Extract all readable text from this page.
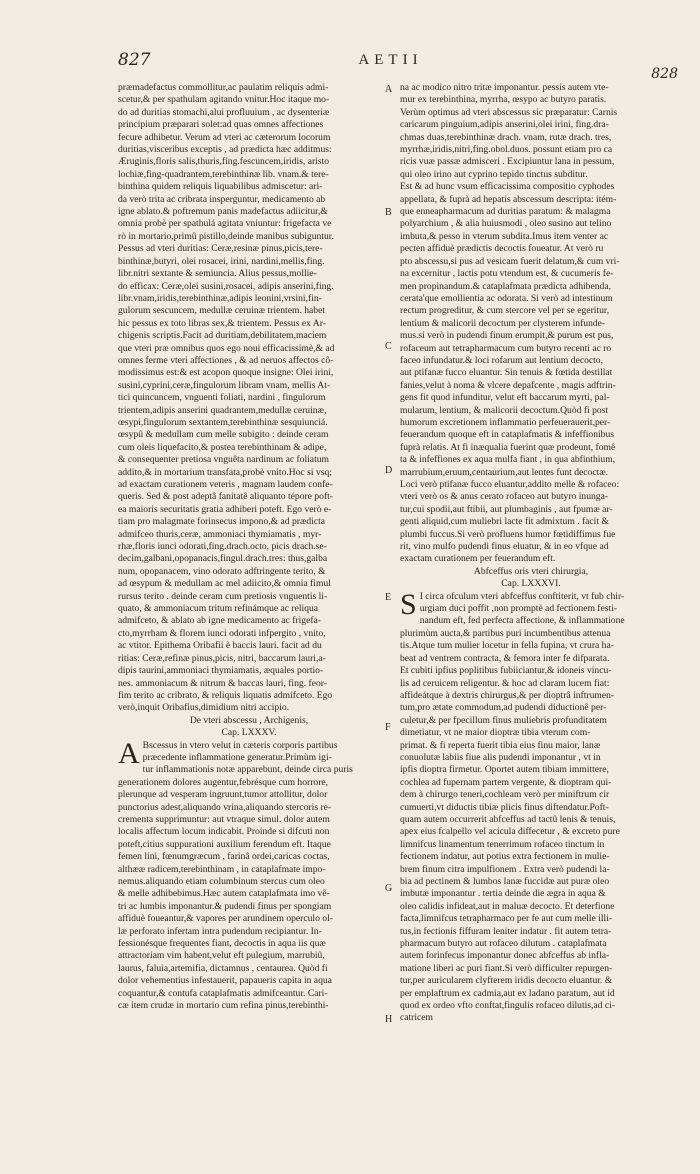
827	AETII
828
præmadefactus commollitur,ac paulatim reliquis admi-
scetur,& per spathulam agitando vnitur.Hoc itaque mo-
do ad duritias stomachi,alui profluuium , ac dysenteriæ
principium præparari solet:ad quas omnes affectiones
fecure adhibetur. Verum ad vteri ac cæterorum locorum
duritias,visceribus exceptis , ad prædicta hæc additmus:
Æruginis,floris salis,thuris,fing.fescuncem,iridis, aristo
lochiæ,fing-quadrantem,terebinthinæ lib. vnam.& tere-
binthina quidem reliquis liquabilibus admiscetur: ari-
da verò trita ac cribrata insperguntur, medicamento ab
igne ablato.& poftremum panis madefactus adiicitur,&
omnia probè per spathulá agitata vniuntur: frigefacta ve
rò in mortario,primû pistillo,deinde manibus subiguntur.
Pessus ad vteri duritias: Ceræ,resinæ pinus,picis,tere-
binthinæ,butyri, olei rosacei, irini, nardini,mellis,fing.
libr.nitri sextante & semiuncia. Alius pessus,mollie-
do efficax: Ceræ,olei susini,rosacei, adipis anserini,fing.
libr.vnam,iridis,terebinthinæ,adipis leonini,vrsini,fin-
gulorum sescuncem, medullæ ceruinæ trientem. habet
hic pessus ex toto libras sex,& trientem. Pessus ex Ar-
chigenis scriptis.Facit ad duritiam,debilitatem,maciem
que vteri præ omnibus quos ego noui efficacissimè,& ad
omnes ferme vteri affectiones , & ad neruos affectos cô-
modissimus est:& est acopon quoque insigne: Olei irini,
susini,cyprini,ceræ,fingulorum libram vnam, mellis At-
tici quincuncem, vnguenti foliati, nardini , fingulorum
trientem,adipis anserini quadrantem,medullæ ceruinæ,
œsypi,fingulorum sextantem,terebinthinæ sesquiunciá.
œsypû & medullam cum melle subigito : deinde ceram
cum oleis liquefacito,& postea terebinthinam & adipe,
& consequenter pretiosa vnguêta nardinum ac foliatum
addito,& in mortarium transfata,probè vnito.Hoc si vsq;
ad exactam curationem veteris , magnam laudem confe-
queris. Sed & post adeptâ fanitatê aliquanto tépore poft-
ea maioris securitatis gratia adhiberi poteft. Ego verò e-
tiam pro malagmate forinsecus impono,& ad prædicta
admifceo thuris,ceræ, ammoniaci thymiamatis , myr-
rhæ,floris iunci odorati,fing.drach.octo, picis drach.se-
decim,galbani,opopanacis,fingul.drach.tres: thus,galba
num, opopanacem, vino odorato adftringente terito, &
ad œsypum & medullam ac mel adiicito,& omnia fimul
rursus terito . deinde ceram cum pretiosis vnguentis li-
quato, & ammoniacum tritum refinámque ac reliqua
admifceto, & ablato ab igne medicamento ac frigefa-
cto,myrrham & florem iunci odorati infpergito , vnito,
ac vtitor. Epithema Oribafii è baccis lauri. facit ad du
ritias: Ceræ,refinæ pinus,picis, nitri, baccarum lauri,a-
dipis taurini,ammoniaci thymiamatis, æquales portio-
nes. ammoniacum & nitrum & baccas lauri, fing. feor-
fim terito ac cribrato, & reliquis liquatis admifceto. Ego
verò,inquit Oribafius,dimidium nitri accipio.
De vteri abscessu , Archigenis,
Cap. LXXXV.
A Bscessus in vtero velut in cæteris corporis partibus
præcedente inflammatione generatur.Primùm igi-
tur inflammationis notæ apparebunt, deinde circa puris
generationem dolores augentur,febrésque cum horrore,
plerunque ad vesperam ingruunt,tumor attollitur, dolor
punctorius adest,aliquando vrina,aliquando stercoris re-
crementa supprimuntur: aut vtraque simul. dolor autem
localis affectum locum indicabit. Proinde si difcuti non
poteft,citius suppurationi auxilium ferendum eft. Itaque
femen lini, fœnumgræcum , farinâ ordei,caricas coctas,
althææ radicem,terebinthinam , in cataplafmate impo-
nemus.aliquando etiam columbinum stercus cum oleo
& melle adhibebimus.Hæc autem cataplafmata imo vê-
tri ac lumbis imponantur.& pudendi finus per spongiam
affiduè foueantur,& vapores per arundinem operculo ol-
læ perforato infertam intra pudendum recipiantur. In-
fessionésque frequentes fiant, decoctis in aqua iis quæ
attractoriam vim habent,velut eft pulegium, marrubiû,
laurus, faluia,artemifia, dictamnus , centaurea. Quòd fi
dolor vehementius infestauerit, papaueris capita in aqua
coquantur,& contufa cataplafmatis admifceantur. Cari-
cæ item crudæ in mortario cum refina pinus,terebinthi-
na ac modico nitro tritæ imponantur. pessis autem vte-
mur ex terebinthina, myrrha, œsypo ac butyro paratis.
Verùm optimus ad vteri abscessus sic præparatur: Carnis
caricarum pinguium,adipis anserini,olei irini, fing.dra-
chmas duas,terebinthinæ drach. vnam, rutæ drach. tres,
myrrhæ,iridis,nitri,fing.obol.duos. possunt etiam pro ca
ricis vuæ passæ admisceri . Excipiuntur lana in pessum,
qui oleo irino aut cyprino tepido tinctus subditur.
Est & ad hunc vsum efficacissima compositio cyphodes
appellata, & fuprà ad hepatis abscessum descripta: itém-
que enneapharmacum ad duritias paratum: & malagma
polyarchium , & alia huiusmodi , oleo susino aut telino
imbuta,& pesso in vterum subdita.Imus item venter ac
pecten affiduè prædictis decoctis foueatur. At verò ru
pto abscessu,si pus ad vesicam fuerit delatum,& cum vri-
na excernitur , lactis potu vtendum est, & cucumeris fe-
men propinandum.& cataplafmata prædicta adhibenda,
cerata'que emollientia ac odorata. Si verò ad intestinum
rectum progreditur, & cum stercore vel per se egeritur,
lentium & malicorii decoctum per clysterem infunde-
mus.si verò in pudendi finum erumpit,& purum est pus,
rofaceum aut tetrapharmacum cum butyro recenti ac ro
faceo infundatur.& loci rofarum aut lentium decocto,
aut ptifanæ fucco eluantur. Sin tenuis & fœtida destillat
fanies,velut à noma & vlcere depafcente , magis adftrin-
gens fit quod infunditur, velut eft baccarum myrti, pal-
mularum, lentium, & malicorii decoctum.Quòd fi post
humorum excretionem inflammatio perfeuerauerit,per-
feuerandum quoque eft in cataplafmatis & infeffionibus
fuprà relatis. At fi inæqualia fuerint quæ prodeunt, fomê
ta & infeffiones ex aqua mulfa fiant , in qua abfinthium,
marrubium,eruum,centaurium,aut lentes funt decoctæ.
Loci verò ptifanæ fucco eluantur,addito melle & rofaceo:
vteri verò os & anus cerato rofaceo aut butyro inunga-
tur,cui spodii,aut ftibii, aut plumbaginis , aut fpumæ ar-
genti aliquid,cum muliebri lacte fit admixtum . facit &
plumbi fuccus.Si verò profluens humor fœtidiffimus fue
rit, vino mulfo pudendi finus eluatur, & in eo vfque ad
exactam curationem per feuerandum eft.
Abfceffus oris vteri chirurgia,
Cap. LXXXVI.
S I circa ofculum vteri abfceffus conftiterit, vt fub chir-
urgiam duci poffit ,non promptè ad fectionem festi-
nandum eft, fed perfecta affectione, & inflammatione
plurimùm aucta,& partibus puri incumbentibus attenua
tis.Atque tum mulier locetur in fella fupina, vt crura ha-
beat ad ventrem contracta, & femora inter fe difparata.
Et cubiti ipfius poplitibus fubiiciantur,& idoneis vincu-
lis ad ceruicem religentur. & hoc ad claram lucem fiat:
affideátque à dextris chirurgus,& per dioptrâ inftrumen-
tum,pro ætate commodum,ad pudendi diductionê per-
culetur,& per fpecillum finus muliebris profunditatem
dimetiatur, vt ne maior dioptræ tibia vterum com-
primat. & fi reperta fuerit tibia eius finu maior, lanæ
conuolutæ labiis fiue alis pudendi imponantur , vt in
ipfis dioptra firmetur. Oportet autem tibiam immittere,
cochlea ad fupernam partem vergente, & dioptram qui-
dem à chirurgo teneri,cochleam verò per miniftrum cir
cumuerti,vt diductis tibiæ plicis finus diftendatur.Poft-
quam autem occurrerit abfceffus ad tactû lenis & tenuis,
apex eius fcalpello vel acicula diffecetur , & excreto pure
limnifcus linamentum tenerrimum rofaceo tinctum in
fectionem indatur, aut potius extra fectionem in mulie-
brem finum citra impulfionem . Extra verò pudendi la-
bia ad pectinem & lumbos lanæ fuccidæ aut puræ oleo
imbutæ imponantur . tertia deinde die ægra in aqua &
oleo calidis infideat,aut in maluæ decocto. Et deterfione
facta,limnifcus tetrapharmaco per fe aut cum melle illi-
tus,in fectionis fiffuram leniter indatur . fit autem tetra-
pharmacum butyro aut rofaceo dilutum . cataplafmata
autem forinfecus imponantur donec abfceffus ab infla-
matione liberi ac puri fiant.Si verò difficulter repurgen-
tur,per auricularem clyfterem iridis decocto eluantur. &
per emplaftrum ex cadmia,aut ex ladano paratum, aut id
quod ex ordeo vfto conftat,fingulis rofaceo dilutis,ad ci-
catricem
A
B
C
D
E
F
G
H
